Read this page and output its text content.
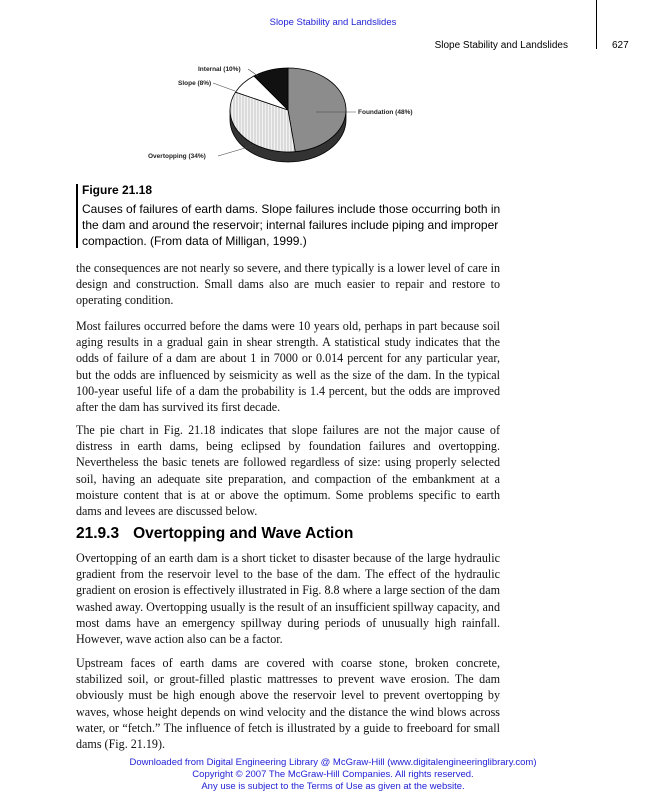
Slope Stability and Landslides
Slope Stability and Landslides	627
Foundation (48%)
Overtopping (34%)
Slope (8%)
Internal (10%)
Figure 21.18
Causes of failures of earth dams. Slope failures include those occurring both in the dam and around the reservoir; internal failures include piping and improper compaction. (From data of Milligan, 1999.)

the consequences are not nearly so severe, and there typically is a lower level of care in design and construction. Small dams also are much easier to repair and restore to operating condition.

Most failures occurred before the dams were 10 years old, perhaps in part because soil aging results in a gradual gain in shear strength. A statistical study indicates that the odds of failure of a dam are about 1 in 7000 or 0.014 percent for any particular year, but the odds are influenced by seismicity as well as the size of the dam. In the typical 100-year useful life of a dam the probability is 1.4 percent, but the odds are improved after the dam has survived its first decade.

The pie chart in Fig. 21.18 indicates that slope failures are not the major cause of distress in earth dams, being eclipsed by foundation failures and overtopping. Nevertheless the basic tenets are followed regardless of size: using properly selected soil, having an adequate site preparation, and compaction of the embankment at a moisture content that is at or above the optimum. Some problems specific to earth dams and levees are discussed below.

21.9.3 Overtopping and Wave Action

Overtopping of an earth dam is a short ticket to disaster because of the large hydraulic gradient from the reservoir level to the base of the dam. The effect of the hydraulic gradient on erosion is effectively illustrated in Fig. 8.8 where a large section of the dam washed away. Overtopping usually is the result of an insufficient spillway capacity, and most dams have an emergency spillway during periods of unusually high rainfall. However, wave action also can be a factor.

Upstream faces of earth dams are covered with coarse stone, broken concrete, stabilized soil, or grout-filled plastic mattresses to prevent wave erosion. The dam obviously must be high enough above the reservoir level to prevent overtopping by waves, whose height depends on wind velocity and the distance the wind blows across water, or “fetch.” The influence of fetch is illustrated by a guide to freeboard for small dams (Fig. 21.19).

Downloaded from Digital Engineering Library @ McGraw-Hill (www.digitalengineeringlibrary.com)
Copyright © 2007 The McGraw-Hill Companies. All rights reserved.
Any use is subject to the Terms of Use as given at the website.
